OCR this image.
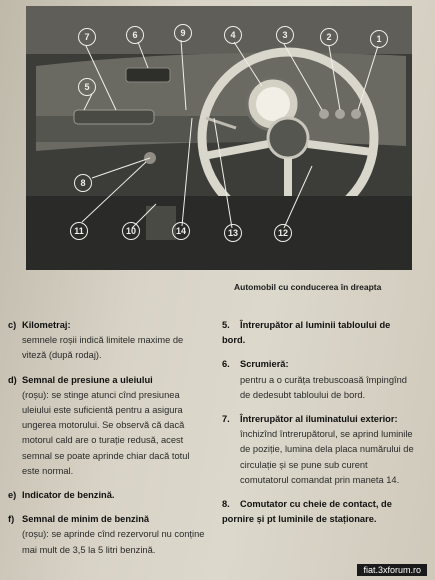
1
2
3
4
5
6
7
8
9
10
11	12
13
14
Automobil cu conducerea în dreapta
c) Kilometraj:
semnele roșii indică limitele maxime de viteză (după rodaj).
d) Semnal de presiune a uleiului
(roșu): se stinge atunci cînd presiunea uleiului este suficientă pentru a asigura ungerea motorului. Se observă că dacă motorul cald are o turație redusă, acest semnal se poate aprinde chiar dacă totul este normal.
e) Indicator de benzină.
f) Semnal de minim de benzină
(roșu): se aprinde cînd rezervorul nu conține mai mult de 3,5 la 5 litri benzină.
5. Întrerupător al luminii tabloului de bord.
6. Scrumieră:
pentru a o curăța trebuscoasă împingînd de dedesubt tabloului de bord.
7. Întrerupător al iluminatului exterior:
închizînd întrerupătorul, se aprind luminile de poziție, lumina dela placa numărului de circulație și se pune sub curent comutatorul comandat prin maneta 14.
8. Comutator cu cheie de contact, de pornire și pt luminile de staționare.
fiat.3xforum.ro
